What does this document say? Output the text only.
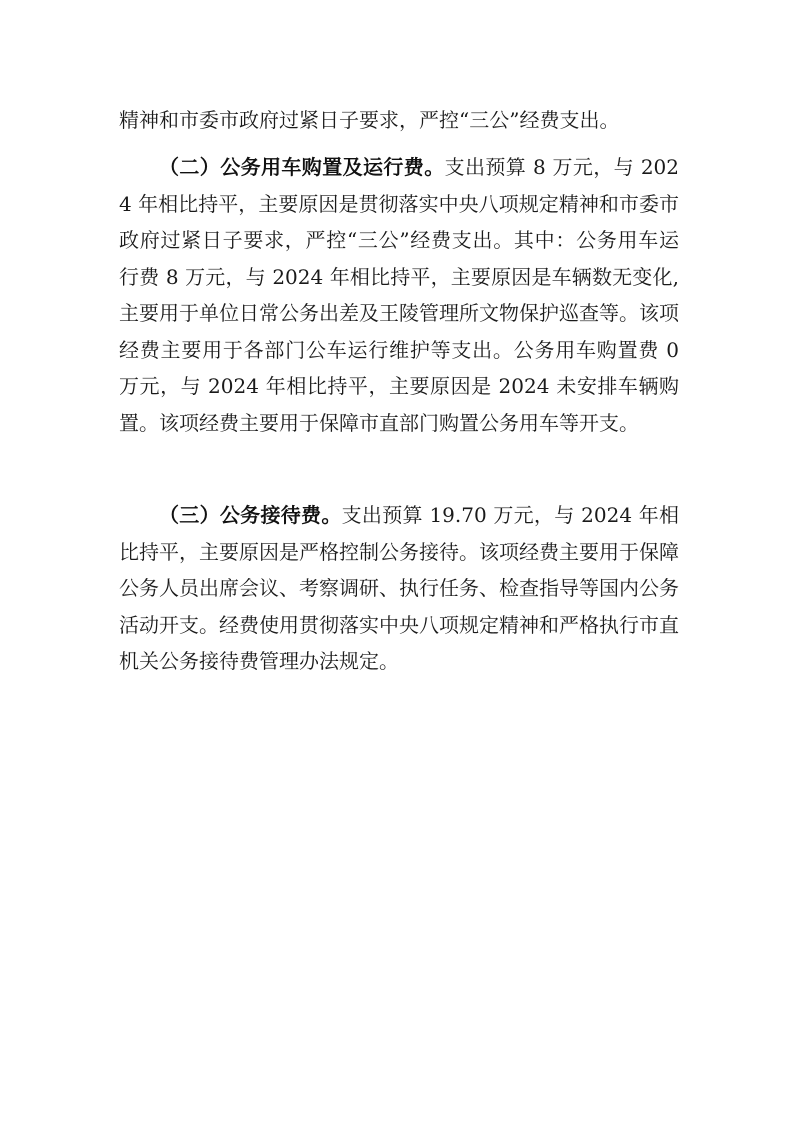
精神和市委市政府过紧日子要求，严控“三公”经费支出。

（二）公务用车购置及运行费。支出预算 8 万元，与 2024 年相比持平，主要原因是贯彻落实中央八项规定精神和市委市政府过紧日子要求，严控“三公”经费支出。其中：公务用车运行费 8 万元，与 2024 年相比持平，主要原因是车辆数无变化,主要用于单位日常公务出差及王陵管理所文物保护巡查等。该项经费主要用于各部门公车运行维护等支出。公务用车购置费 0 万元，与 2024 年相比持平，主要原因是 2024 未安排车辆购置。该项经费主要用于保障市直部门购置公务用车等开支。

（三）公务接待费。支出预算 19.70 万元，与 2024 年相比持平，主要原因是严格控制公务接待。该项经费主要用于保障公务人员出席会议、考察调研、执行任务、检查指导等国内公务活动开支。经费使用贯彻落实中央八项规定精神和严格执行市直机关公务接待费管理办法规定。
